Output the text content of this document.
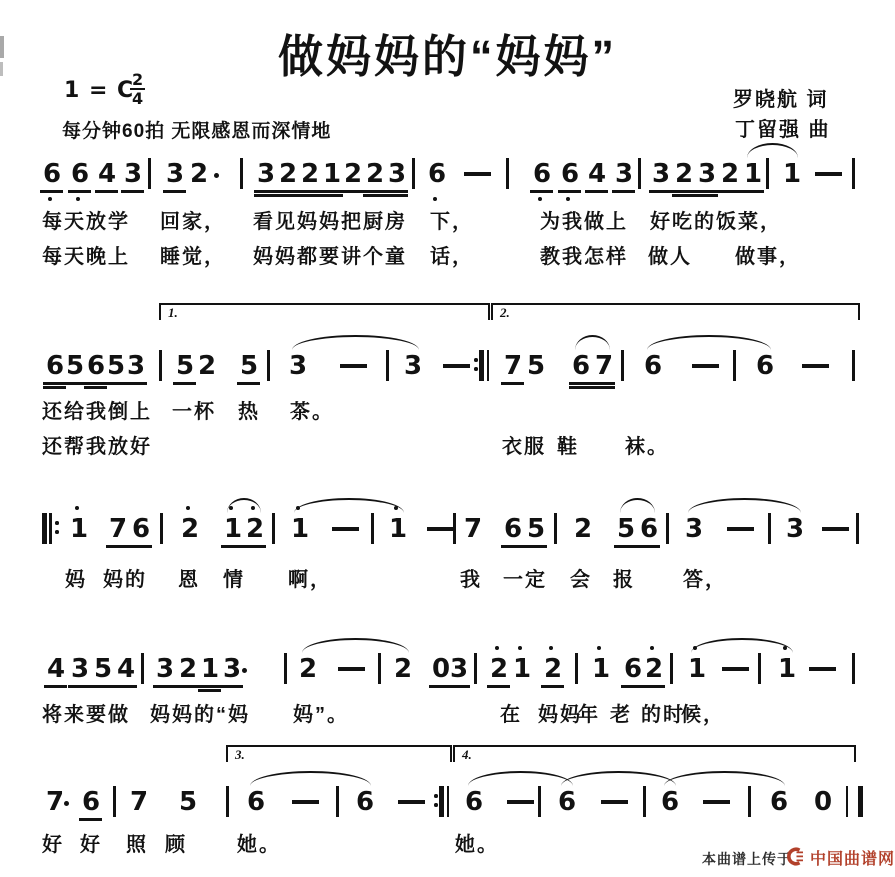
做妈妈的“妈妈”
1 = C
2
4
每分钟60拍 无限感恩而深情地
罗晓航 词
丁留强 曲
6 6 4 3 3 2 3 2 2 1 2 2 3 6	6 6 4 3 3 2 3 2 1 1
每天放学 回家， 看见妈妈把厨房 下，	为我做上 好吃的饭菜，
每天晚上 睡觉， 妈妈都要讲个童 话，	教我怎样 做人 做事，
6 5 6 5 3 5 2 5 3	3	7 5 6 7 6	6
1.	2.
还给我倒上 一杯 热 茶。
还帮我放好	衣服 鞋 袜。
1 7 6 2 1 2 1	1 7 6 5 2 5 6 3	3
妈 妈的 恩 情 啊，	我 一定 会 报 答，
4 3 5 4 3 2 1 3 2	2 0 3 2 1 2 1 6 2 1	1
将来要做 妈妈的“妈 妈”。	在 妈妈
年 老 的时
候，
7 6 7 5 6	6	6	6	6	6 0
3.	4.
好 好 照 顾	她。	她。
本曲谱上传于 中国曲谱网
